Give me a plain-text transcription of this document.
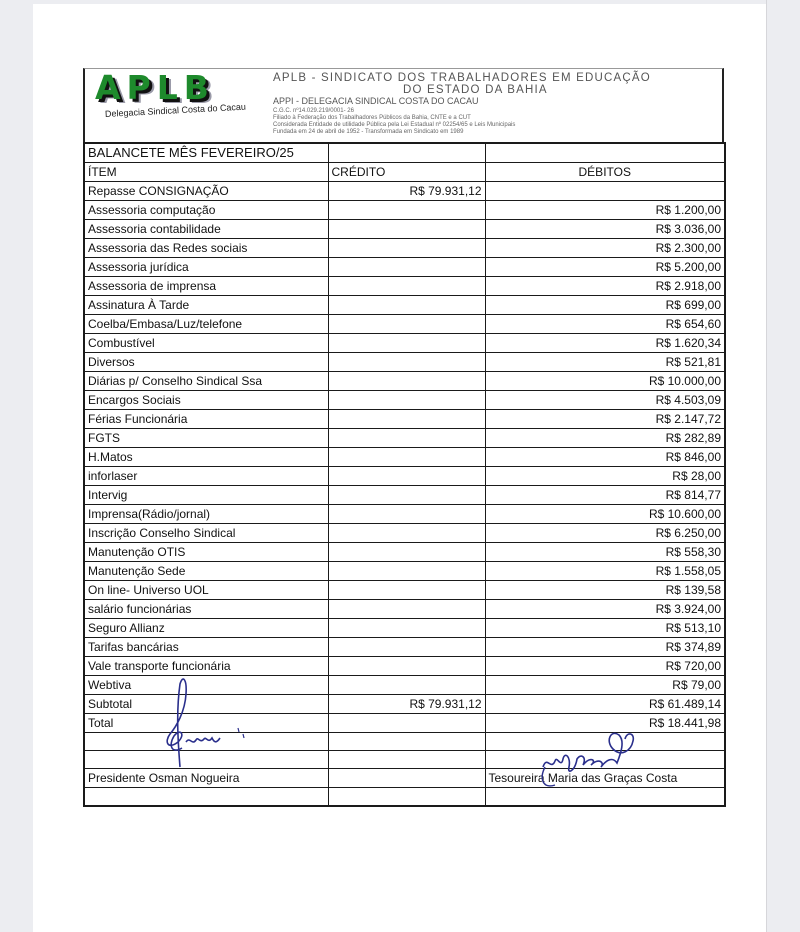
APLB
Delegacia Sindical Costa do Cacau
APLB - SINDICATO DOS TRABALHADORES EM EDUCAÇÃO
DO ESTADO DA BAHIA
APPI - DELEGACIA SINDICAL COSTA DO CACAU
C.G.C. nº14.029.219/0001- 26
Filiado à Federação dos Trabalhadores Públicos da Bahia, CNTE e a CUT
Considerada Entidade de utilidade Pública pela Lei Estadual nº 02254/65 e Leis Municipais
Fundada em 24 de abril de 1952 - Transformada em Sindicato em 1989
BALANCETE MÊS FEVEREIRO/25		
ÍTEM	CRÉDITO	DÉBITOS
Repasse CONSIGNAÇÃO	R$ 79.931,12	
Assessoria computação		R$ 1.200,00
Assessoria contabilidade		R$ 3.036,00
Assessoria das Redes sociais		R$ 2.300,00
Assessoria jurídica		R$ 5.200,00
Assessoria de imprensa		R$ 2.918,00
Assinatura À Tarde		R$ 699,00
Coelba/Embasa/Luz/telefone		R$ 654,60
Combustível		R$ 1.620,34
Diversos		R$ 521,81
Diárias p/ Conselho Sindical Ssa		R$ 10.000,00
Encargos Sociais		R$ 4.503,09
Férias Funcionária		R$ 2.147,72
FGTS		R$ 282,89
H.Matos		R$ 846,00
inforlaser		R$ 28,00
Intervig		R$ 814,77
Imprensa(Rádio/jornal)		R$ 10.600,00
Inscrição Conselho Sindical		R$ 6.250,00
Manutenção OTIS		R$ 558,30
Manutenção Sede		R$ 1.558,05
On line- Universo UOL		R$ 139,58
salário funcionárias		R$ 3.924,00
Seguro Allianz		R$ 513,10
Tarifas bancárias		R$ 374,89
Vale transporte funcionária		R$ 720,00
Webtiva		R$ 79,00
Subtotal	R$ 79.931,12	R$ 61.489,14
Total		R$ 18.441,98

Presidente Osman Nogueira		Tesoureira Maria das Graças Costa
